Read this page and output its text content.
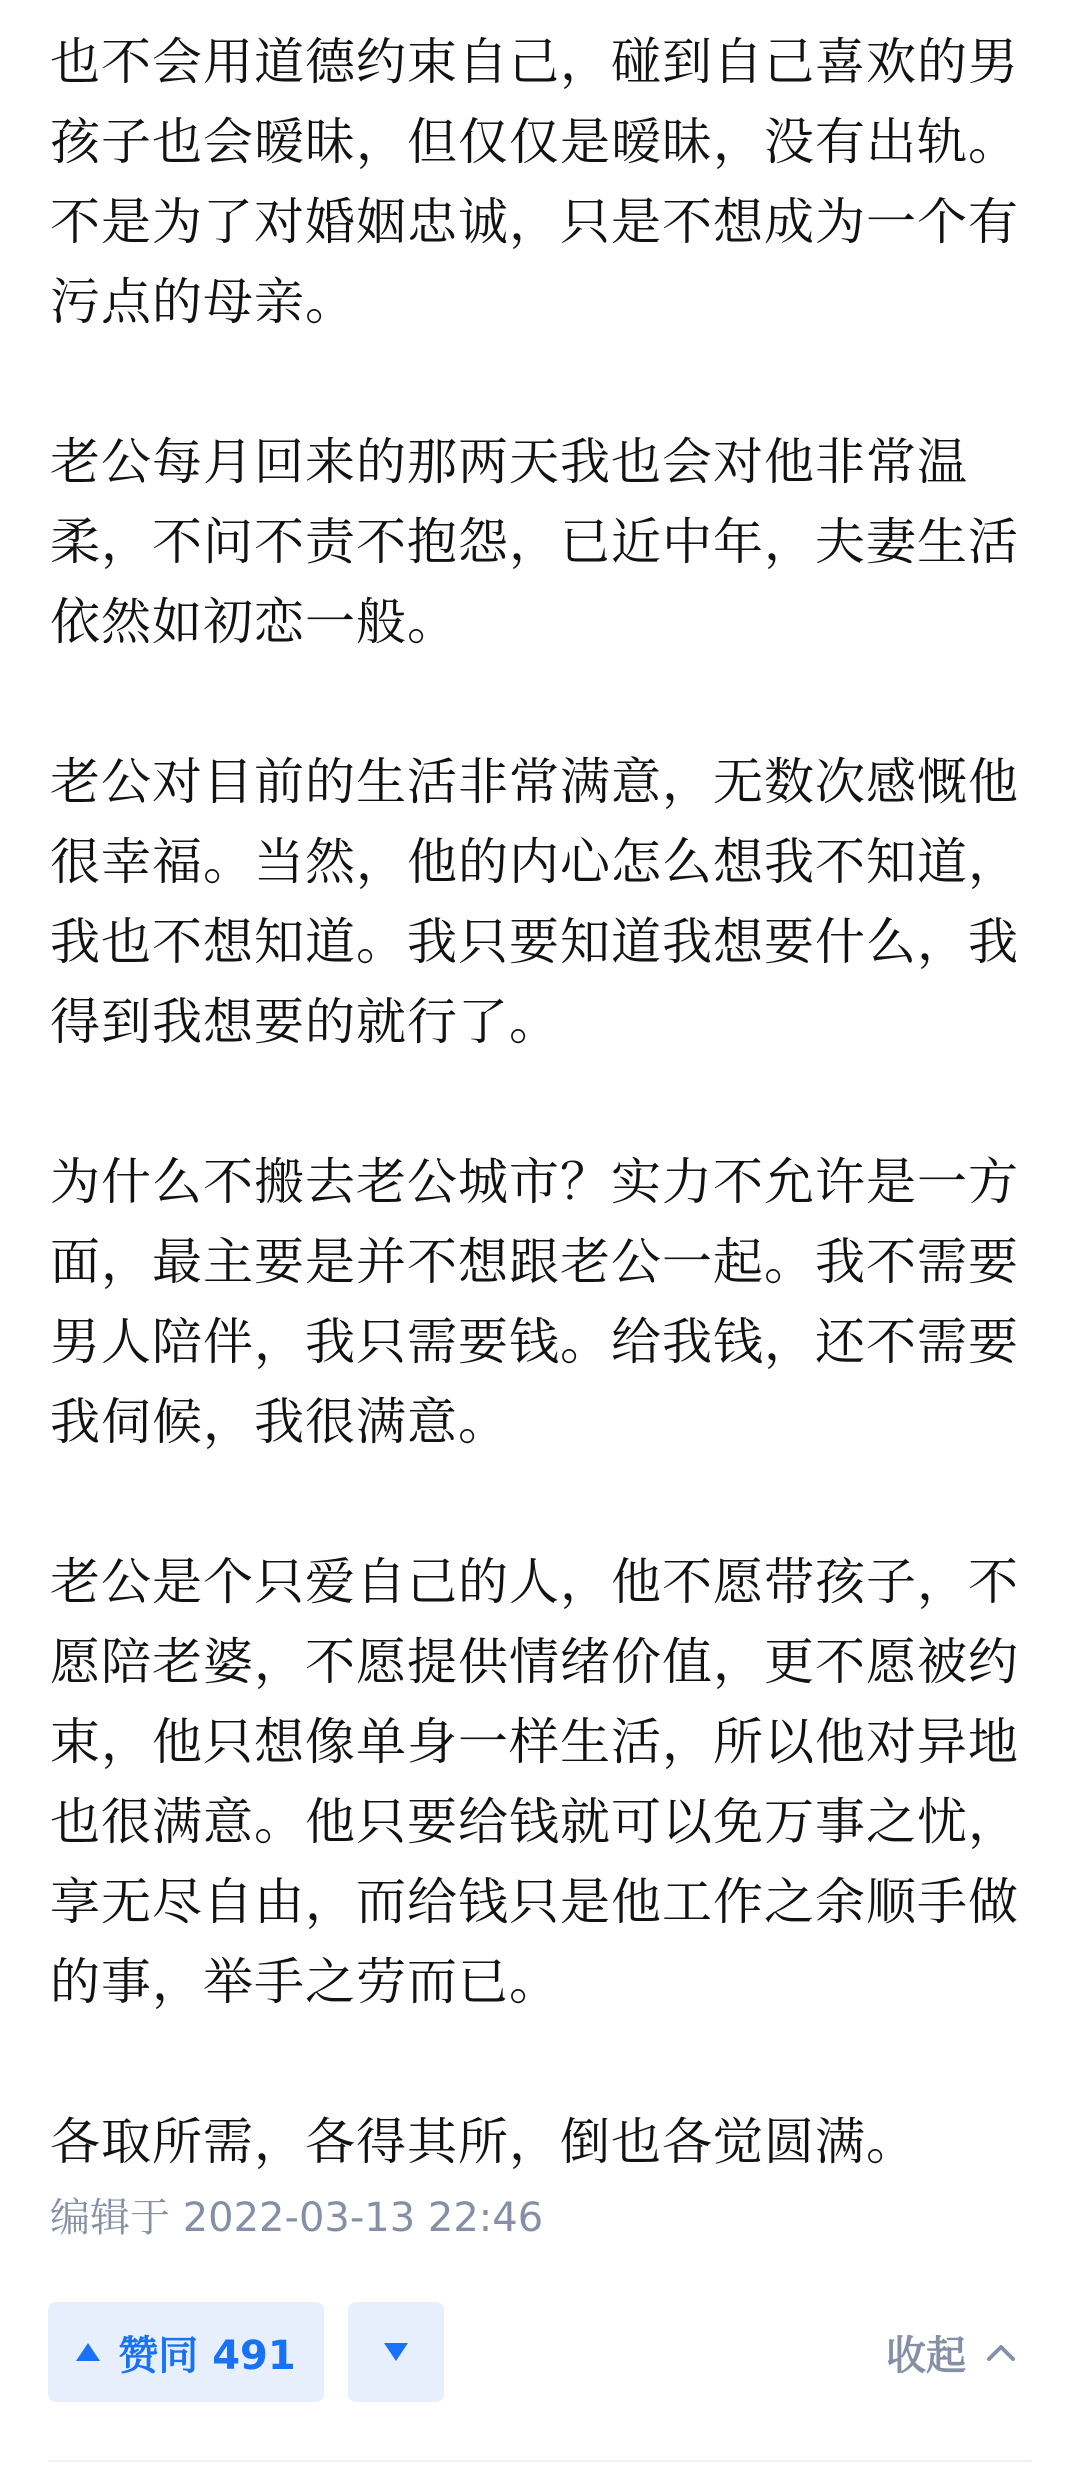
也不会用道德约束自己，碰到自己喜欢的男孩子也会暧昧，但仅仅是暧昧，没有出轨。不是为了对婚姻忠诚，只是不想成为一个有污点的母亲。

老公每月回来的那两天我也会对他非常温柔，不问不责不抱怨，已近中年，夫妻生活依然如初恋一般。

老公对目前的生活非常满意，无数次感慨他很幸福。当然，他的内心怎么想我不知道，我也不想知道。我只要知道我想要什么，我得到我想要的就行了。

为什么不搬去老公城市？实力不允许是一方面，最主要是并不想跟老公一起。我不需要男人陪伴，我只需要钱。给我钱，还不需要我伺候，我很满意。

老公是个只爱自己的人，他不愿带孩子，不愿陪老婆，不愿提供情绪价值，更不愿被约束，他只想像单身一样生活，所以他对异地也很满意。他只要给钱就可以免万事之忧，享无尽自由，而给钱只是他工作之余顺手做的事，举手之劳而已。

各取所需，各得其所，倒也各觉圆满。

编辑于 2022-03-13 22:46
赞同 491	收起
